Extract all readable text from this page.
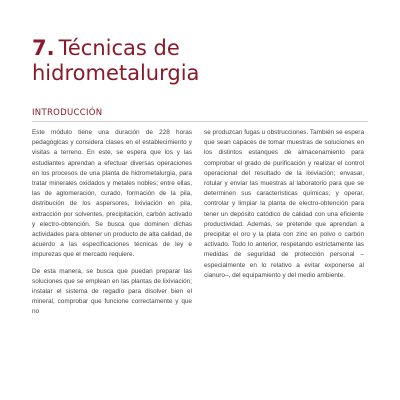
7. Técnicas de
hidrometalurgia
INTRODUCCIÓN

Este módulo tiene una duración de 228 horas pedagógicas y considera clases en el establecimiento y visitas a terreno. En este, se espera que los y las estudiantes aprendan a efectuar diversas operaciones en los procesos de una planta de hidrometalurgia, para tratar minerales oxidados y metales nobles; entre ellas, las de aglomeración, curado, formación de la pila, distribución de los aspersores, lixiviación en pila, extracción por solventes, precipitación, carbón activado y electro-obtención. Se busca que dominen dichas actividades para obtener un producto de alta calidad, de acuerdo a las especificaciones técnicas de ley e impurezas que el mercado requiere.

De esta manera, se busca que puedan preparar las soluciones que se emplean en las plantas de lixiviación; instalar el sistema de regadío para disolver bien el mineral, comprobar que funcione correctamente y que no

se produzcan fugas u obstrucciones. También se espera que sean capaces de tomar muestras de soluciones en los distintos estanques de almacenamiento para comprobar el grado de purificación y realizar el control operacional del resultado de la lixiviación; envasar, rotular y enviar las muestras al laboratorio para que se determinen sus características químicas; y operar, controlar y limpiar la planta de electro-obtención para tener un depósito catódico de calidad con una eficiente productividad. Además, se pretende que aprendan a precipitar el oro y la plata con zinc en polvo o carbón activado. Todo lo anterior, respetando estrictamente las medidas de seguridad de protección personal –especialmente en lo relativo a evitar exponerse al cianuro–, del equipamiento y del medio ambiente.
